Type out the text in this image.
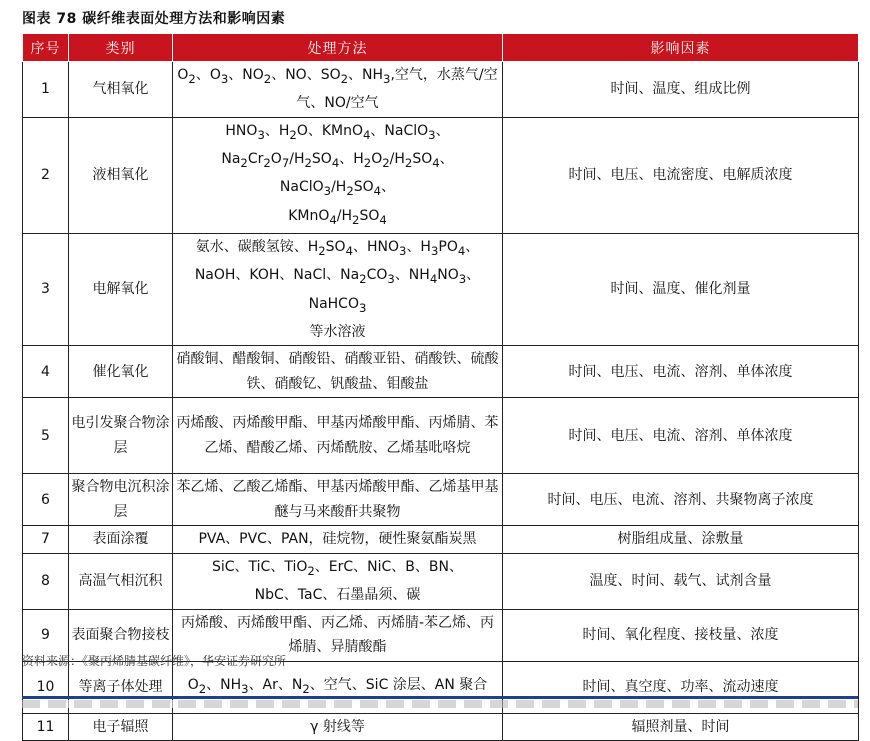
图表 78 碳纤维表面处理方法和影响因素
序号	类别	处理方法	影响因素
1	气相氧化	$O_2$、$O_3$、$NO_2$、NO、$SO_2$、$NH_3$,空气，水蒸气/空气、NO/空气	时间、温度、组成比例
2	液相氧化	$HNO_3$、$H_2O$、KMnO$_4$、NaClO$_3$、
$Na_2Cr_2O_7/H_2SO_4$、$H_2O_2/H_2SO_4$、$NaClO_3/H_2SO_4$、
$KMnO_4/H_2SO_4$	时间、电压、电流密度、电解质浓度
3	电解氧化	氨水、碳酸氢铵、$H_2SO_4$、$HNO_3$、$H_3PO_4$、
NaOH、KOH、NaCl、$Na_2CO_3$、$NH_4NO_3$、NaHCO$_3$
等水溶液	时间、温度、催化剂量
4	催化氧化	硝酸铜、醋酸铜、硝酸铅、硝酸亚铅、硝酸铁、硫酸铁、硝酸钇、钒酸盐、钼酸盐	时间、电压、电流、溶剂、单体浓度
5	电引发聚合物涂层	丙烯酸、丙烯酸甲酯、甲基丙烯酸甲酯、丙烯腈、苯乙烯、醋酸乙烯、丙烯酰胺、乙烯基吡咯烷	时间、电压、电流、溶剂、单体浓度
6	聚合物电沉积涂层	苯乙烯、乙酸乙烯酯、甲基丙烯酸甲酯、乙烯基甲基醚与马来酸酐共聚物	时间、电压、电流、溶剂、共聚物离子浓度
7	表面涂覆	PVA、PVC、PAN，硅烷物，硬性聚氨酯炭黑	树脂组成量、涂敷量
8	高温气相沉积	SiC、TiC、TiO$_2$、ErC、NiC、B、BN、
NbC、TaC、石墨晶须、碳	温度、时间、载气、试剂含量
9	表面聚合物接枝	丙烯酸、丙烯酸甲酯、丙乙烯、丙烯腈-苯乙烯、丙烯腈、异腈酸酯	时间、氧化程度、接枝量、浓度
10	等离子体处理	$O_2$、$NH_3$、Ar、$N_2$、空气、SiC 涂层、AN 聚合	时间、真空度、功率、流动速度
11	电子辐照	γ 射线等	辐照剂量、时间
资料来源：《聚丙烯腈基碳纤维》，华安证券研究所
